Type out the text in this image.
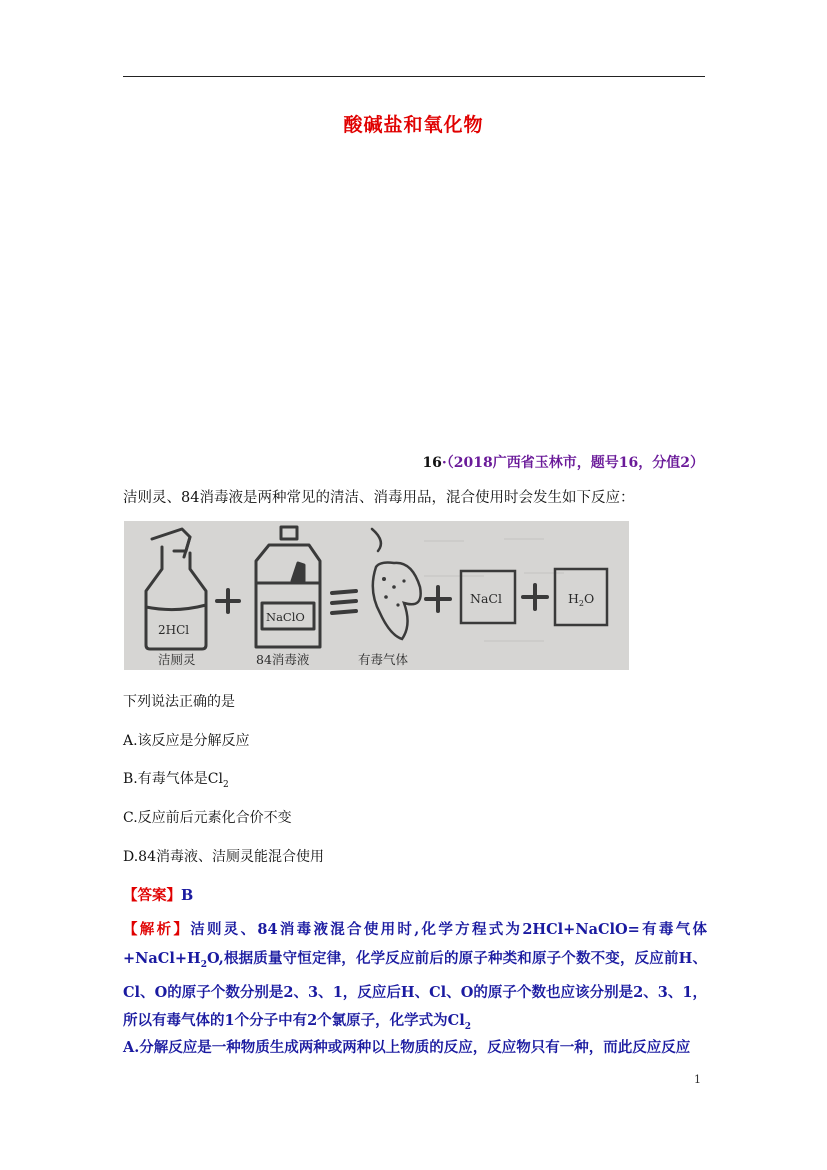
酸碱盐和氧化物
16·（2018广西省玉林市，题号16，分值2）
洁则灵、84消毒液是两种常见的清洁、消毒用品，混合使用时会发生如下反应：
2HCl
洁厕灵
NaClO
84消毒液	有毒气体
NaCl	$H_2O$
下列说法正确的是
A.该反应是分解反应
B.有毒气体是$Cl_2$
C.反应前后元素化合价不变
D.84消毒液、洁厕灵能混合使用
【答案】B

【解析】洁则灵、84消毒液混合使用时,化学方程式为2HCl+NaClO=有毒气体$+NaCl+H_2O$,根据质量守恒定律，化学反应前后的原子种类和原子个数不变，反应前H、Cl、O的原子个数分别是2、3、1，反应后H、Cl、O的原子个数也应该分别是2、3、1，所以有毒气体的1个分子中有2个氯原子，化学式为$Cl_2$

A.分解反应是一种物质生成两种或两种以上物质的反应，反应物只有一种，而此反应反应

1
